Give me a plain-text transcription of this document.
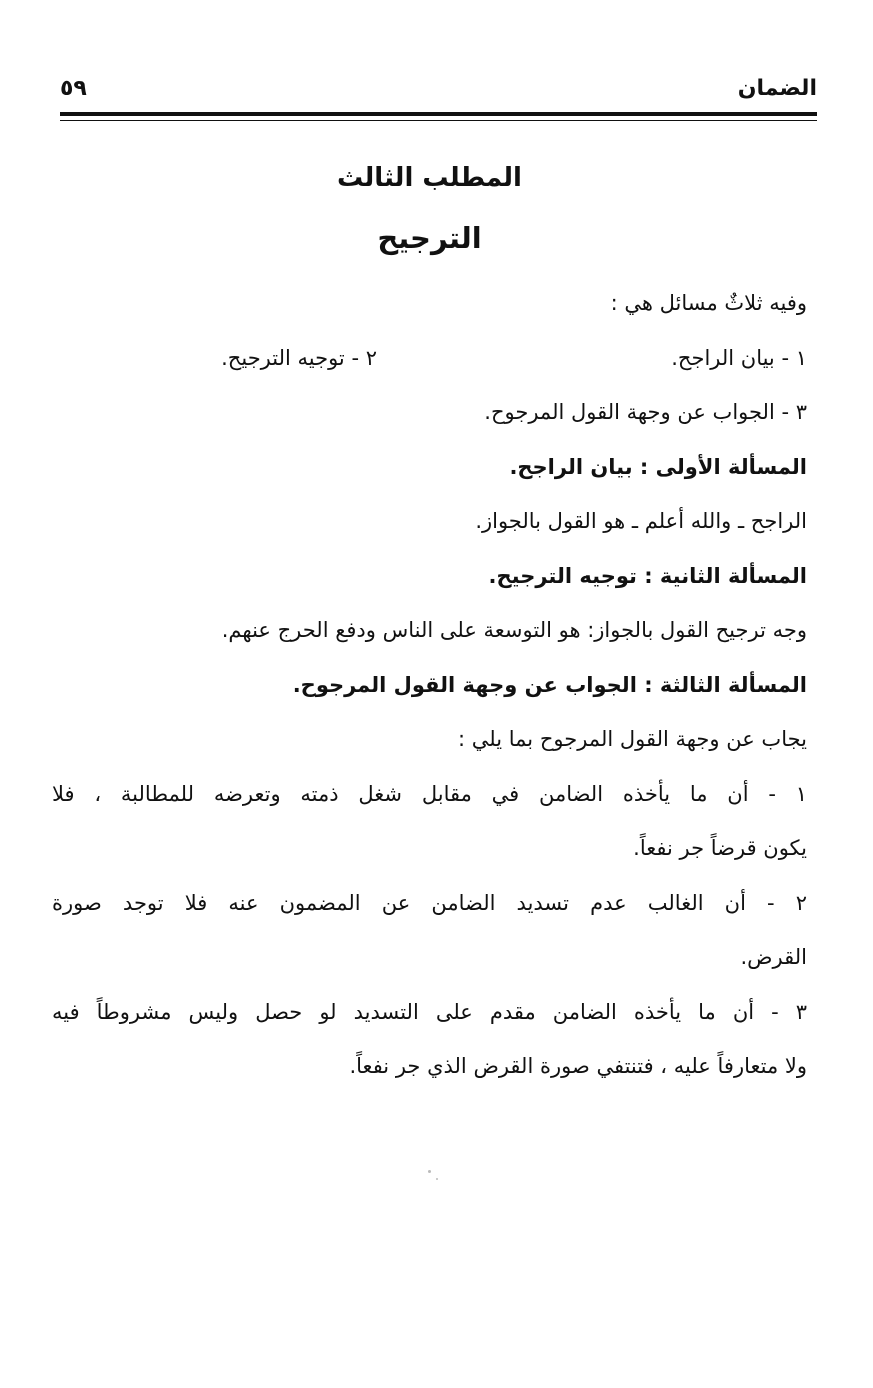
الضمان
٥٩

المطلب الثالث

الترجيح

وفيه ثلاثٌ مسائل هي :

١ - بيان الراجح.
٢ - توجيه الترجيح.

٣ - الجواب عن وجهة القول المرجوح.

المسألة الأولى : بيان الراجح.

الراجح ـ والله أعلم ـ هو القول بالجواز.

المسألة الثانية : توجيه الترجيح.

وجه ترجيح القول بالجواز: هو التوسعة على الناس ودفع الحرج عنهم.

المسألة الثالثة : الجواب عن وجهة القول المرجوح.

يجاب عن وجهة القول المرجوح بما يلي :

١ - أن ما يأخذه الضامن في مقابل شغل ذمته وتعرضه للمطالبة ، فلا

يكون قرضاً جر نفعاً.

٢ - أن الغالب عدم تسديد الضامن عن المضمون عنه فلا توجد صورة

القرض.

٣ - أن ما يأخذه الضامن مقدم على التسديد لو حصل وليس مشروطاً فيه

ولا متعارفاً عليه ، فتنتفي صورة القرض الذي جر نفعاً.
